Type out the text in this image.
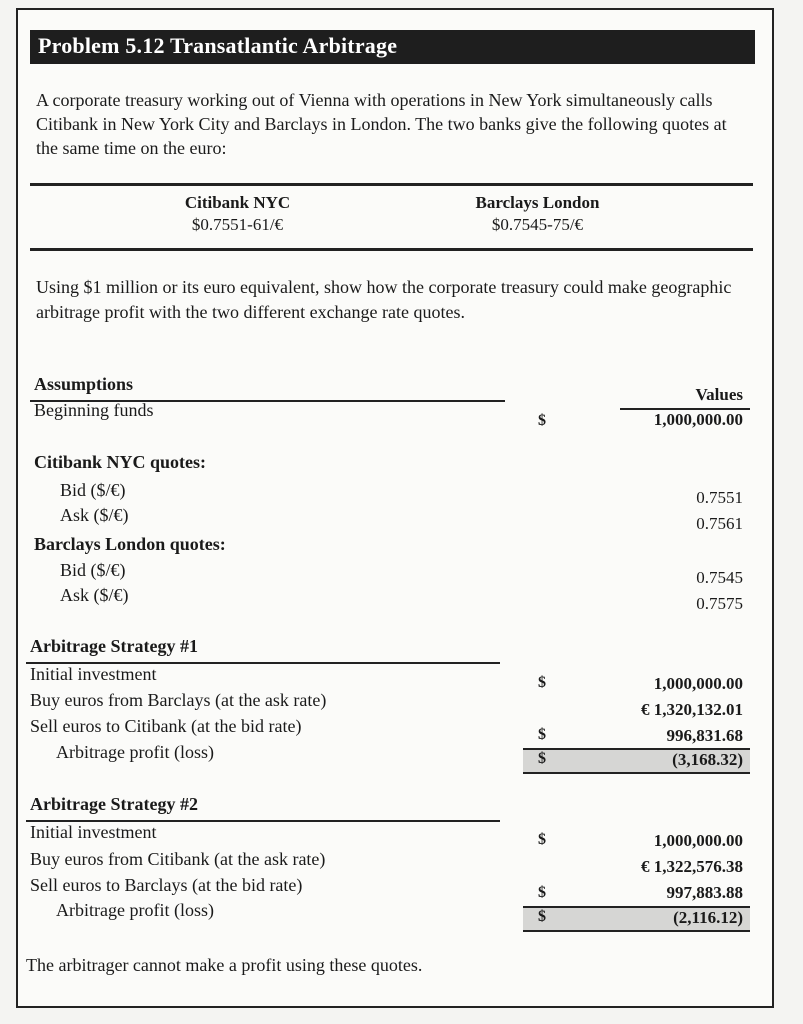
Problem 5.12 Transatlantic Arbitrage
A corporate treasury working out of Vienna with operations in New York simultaneously calls Citibank in New York City and Barclays in London. The two banks give the following quotes at the same time on the euro:
Citibank NYC
$0.7551-61/€
Barclays London
$0.7545-75/€
Using $1 million or its euro equivalent, show how the corporate treasury could make geographic arbitrage profit with the two different exchange rate quotes.
Assumptions
Values
Beginning funds
$	1,000,000.00
Citibank NYC quotes:
Bid ($/€)
Ask ($/€)
0.7551
0.7561
Barclays London quotes:
Bid ($/€)
Ask ($/€)
0.7545
0.7575
Arbitrage Strategy #1
Initial investment
Buy euros from Barclays (at the ask rate)
Sell euros to Citibank (at the bid rate)
Arbitrage profit (loss)
$
$
$
1,000,000.00
€ 1,320,132.01
996,831.68
(3,168.32)
Arbitrage Strategy #2
Initial investment
Buy euros from Citibank (at the ask rate)
Sell euros to Barclays (at the bid rate)
Arbitrage profit (loss)
$
$
$
1,000,000.00
€ 1,322,576.38
997,883.88
(2,116.12)
The arbitrager cannot make a profit using these quotes.
